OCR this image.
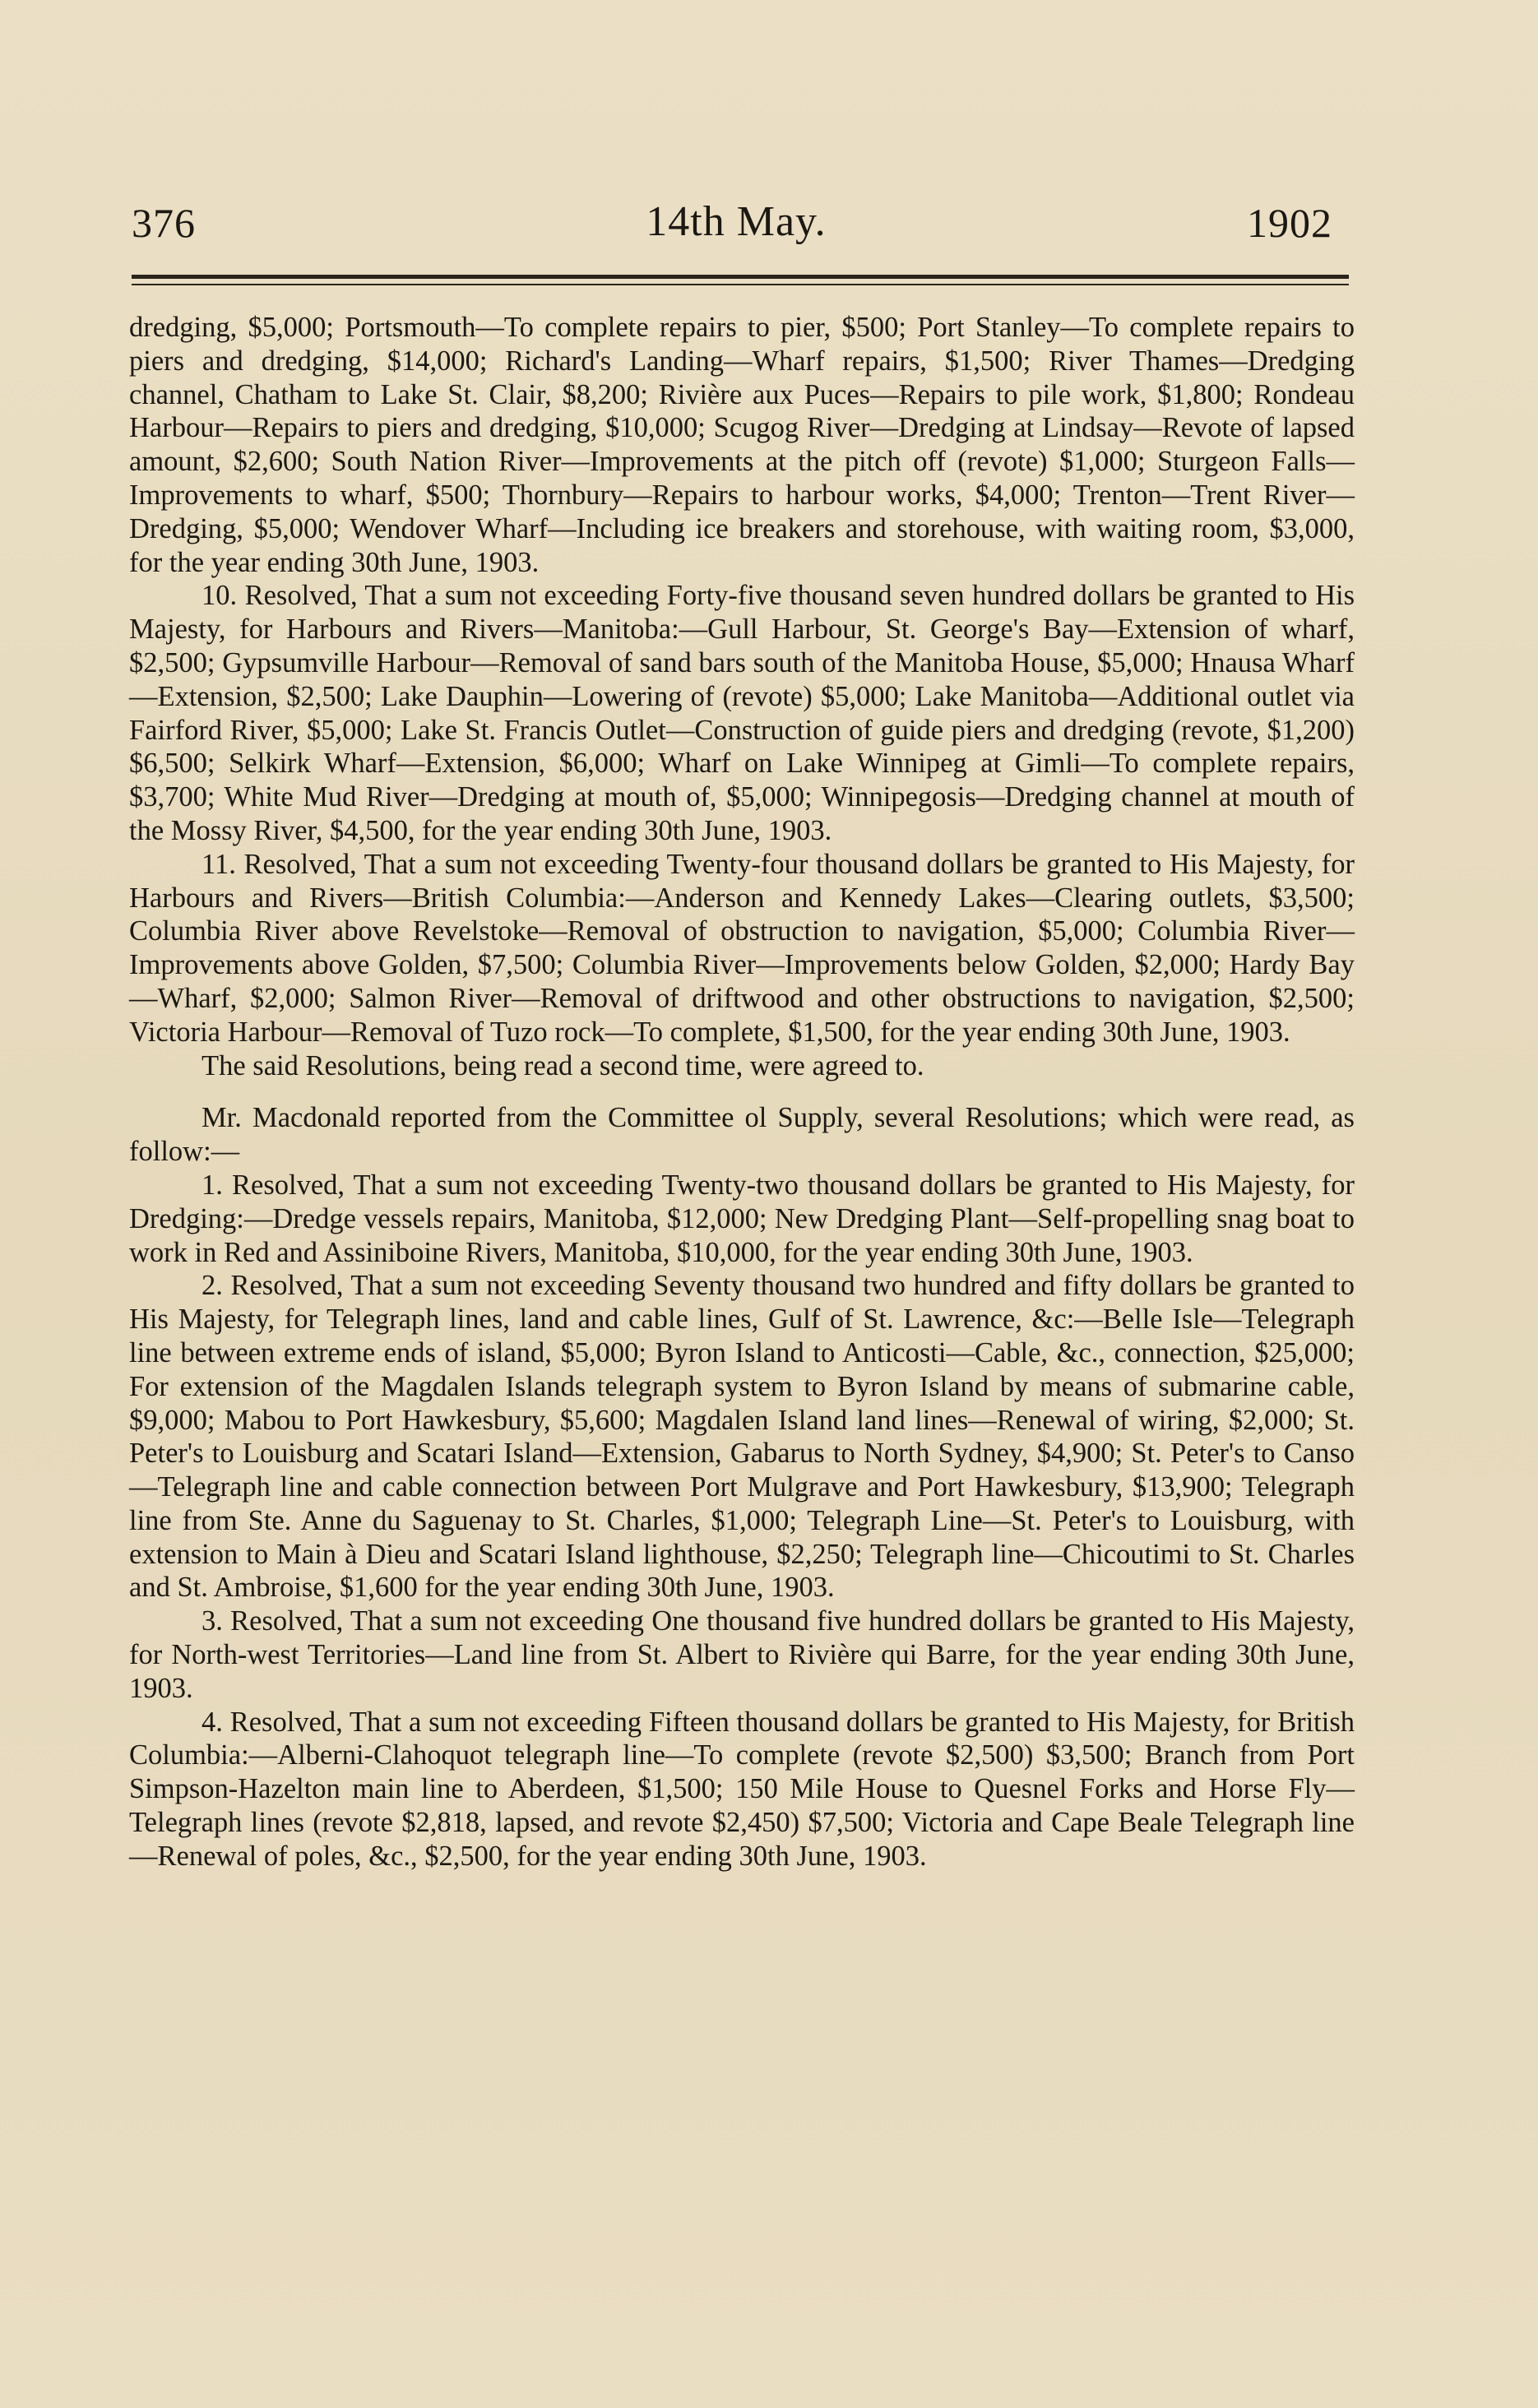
376	14th May.	1902

dredging, $5,000; Portsmouth—To complete repairs to pier, $500; Port Stanley—To complete repairs to piers and dredging, $14,000; Richard's Landing—Wharf repairs, $1,500; River Thames—Dredging channel, Chatham to Lake St. Clair, $8,200; Rivière aux Puces—Repairs to pile work, $1,800; Rondeau Harbour—Repairs to piers and dredging, $10,000; Scugog River—Dredging at Lindsay—Revote of lapsed amount, $2,600; South Nation River—Improvements at the pitch off (revote) $1,000; Sturgeon Falls—Improvements to wharf, $500; Thornbury—Repairs to harbour works, $4,000; Trenton—Trent River—Dredging, $5,000; Wendover Wharf—Including ice breakers and storehouse, with waiting room, $3,000, for the year ending 30th June, 1903.

10. Resolved, That a sum not exceeding Forty-five thousand seven hundred dollars be granted to His Majesty, for Harbours and Rivers—Manitoba:—Gull Harbour, St. George's Bay—Extension of wharf, $2,500; Gypsumville Harbour—Removal of sand bars south of the Manitoba House, $5,000; Hnausa Wharf—Extension, $2,500; Lake Dauphin—Lowering of (revote) $5,000; Lake Manitoba—Additional outlet via Fairford River, $5,000; Lake St. Francis Outlet—Construction of guide piers and dredging (revote, $1,200) $6,500; Selkirk Wharf—Extension, $6,000; Wharf on Lake Winnipeg at Gimli—To complete repairs, $3,700; White Mud River—Dredging at mouth of, $5,000; Winnipegosis—Dredging channel at mouth of the Mossy River, $4,500, for the year ending 30th June, 1903.

11. Resolved, That a sum not exceeding Twenty-four thousand dollars be granted to His Majesty, for Harbours and Rivers—British Columbia:—Anderson and Kennedy Lakes—Clearing outlets, $3,500; Columbia River above Revelstoke—Removal of obstruction to navigation, $5,000; Columbia River—Improvements above Golden, $7,500; Columbia River—Improvements below Golden, $2,000; Hardy Bay—Wharf, $2,000; Salmon River—Removal of driftwood and other obstructions to navigation, $2,500; Victoria Harbour—Removal of Tuzo rock—To complete, $1,500, for the year ending 30th June, 1903.

The said Resolutions, being read a second time, were agreed to.

Mr. Macdonald reported from the Committee ol Supply, several Resolutions; which were read, as follow:—

1. Resolved, That a sum not exceeding Twenty-two thousand dollars be granted to His Majesty, for Dredging:—Dredge vessels repairs, Manitoba, $12,000; New Dredging Plant—Self-propelling snag boat to work in Red and Assiniboine Rivers, Manitoba, $10,000, for the year ending 30th June, 1903.

2. Resolved, That a sum not exceeding Seventy thousand two hundred and fifty dollars be granted to His Majesty, for Telegraph lines, land and cable lines, Gulf of St. Lawrence, &c:—Belle Isle—Telegraph line between extreme ends of island, $5,000; Byron Island to Anticosti—Cable, &c., connection, $25,000; For extension of the Magdalen Islands telegraph system to Byron Island by means of submarine cable, $9,000; Mabou to Port Hawkesbury, $5,600; Magdalen Island land lines—Renewal of wiring, $2,000; St. Peter's to Louisburg and Scatari Island—Extension, Gabarus to North Sydney, $4,900; St. Peter's to Canso—Telegraph line and cable connection between Port Mulgrave and Port Hawkesbury, $13,900; Telegraph line from Ste. Anne du Saguenay to St. Charles, $1,000; Telegraph Line—St. Peter's to Louisburg, with extension to Main à Dieu and Scatari Island lighthouse, $2,250; Telegraph line—Chicoutimi to St. Charles and St. Ambroise, $1,600 for the year ending 30th June, 1903.

3. Resolved, That a sum not exceeding One thousand five hundred dollars be granted to His Majesty, for North-west Territories—Land line from St. Albert to Rivière qui Barre, for the year ending 30th June, 1903.

4. Resolved, That a sum not exceeding Fifteen thousand dollars be granted to His Majesty, for British Columbia:—Alberni-Clahoquot telegraph line—To complete (revote $2,500) $3,500; Branch from Port Simpson-Hazelton main line to Aberdeen, $1,500; 150 Mile House to Quesnel Forks and Horse Fly—Telegraph lines (revote $2,818, lapsed, and revote $2,450) $7,500; Victoria and Cape Beale Telegraph line—Renewal of poles, &c., $2,500, for the year ending 30th June, 1903.
